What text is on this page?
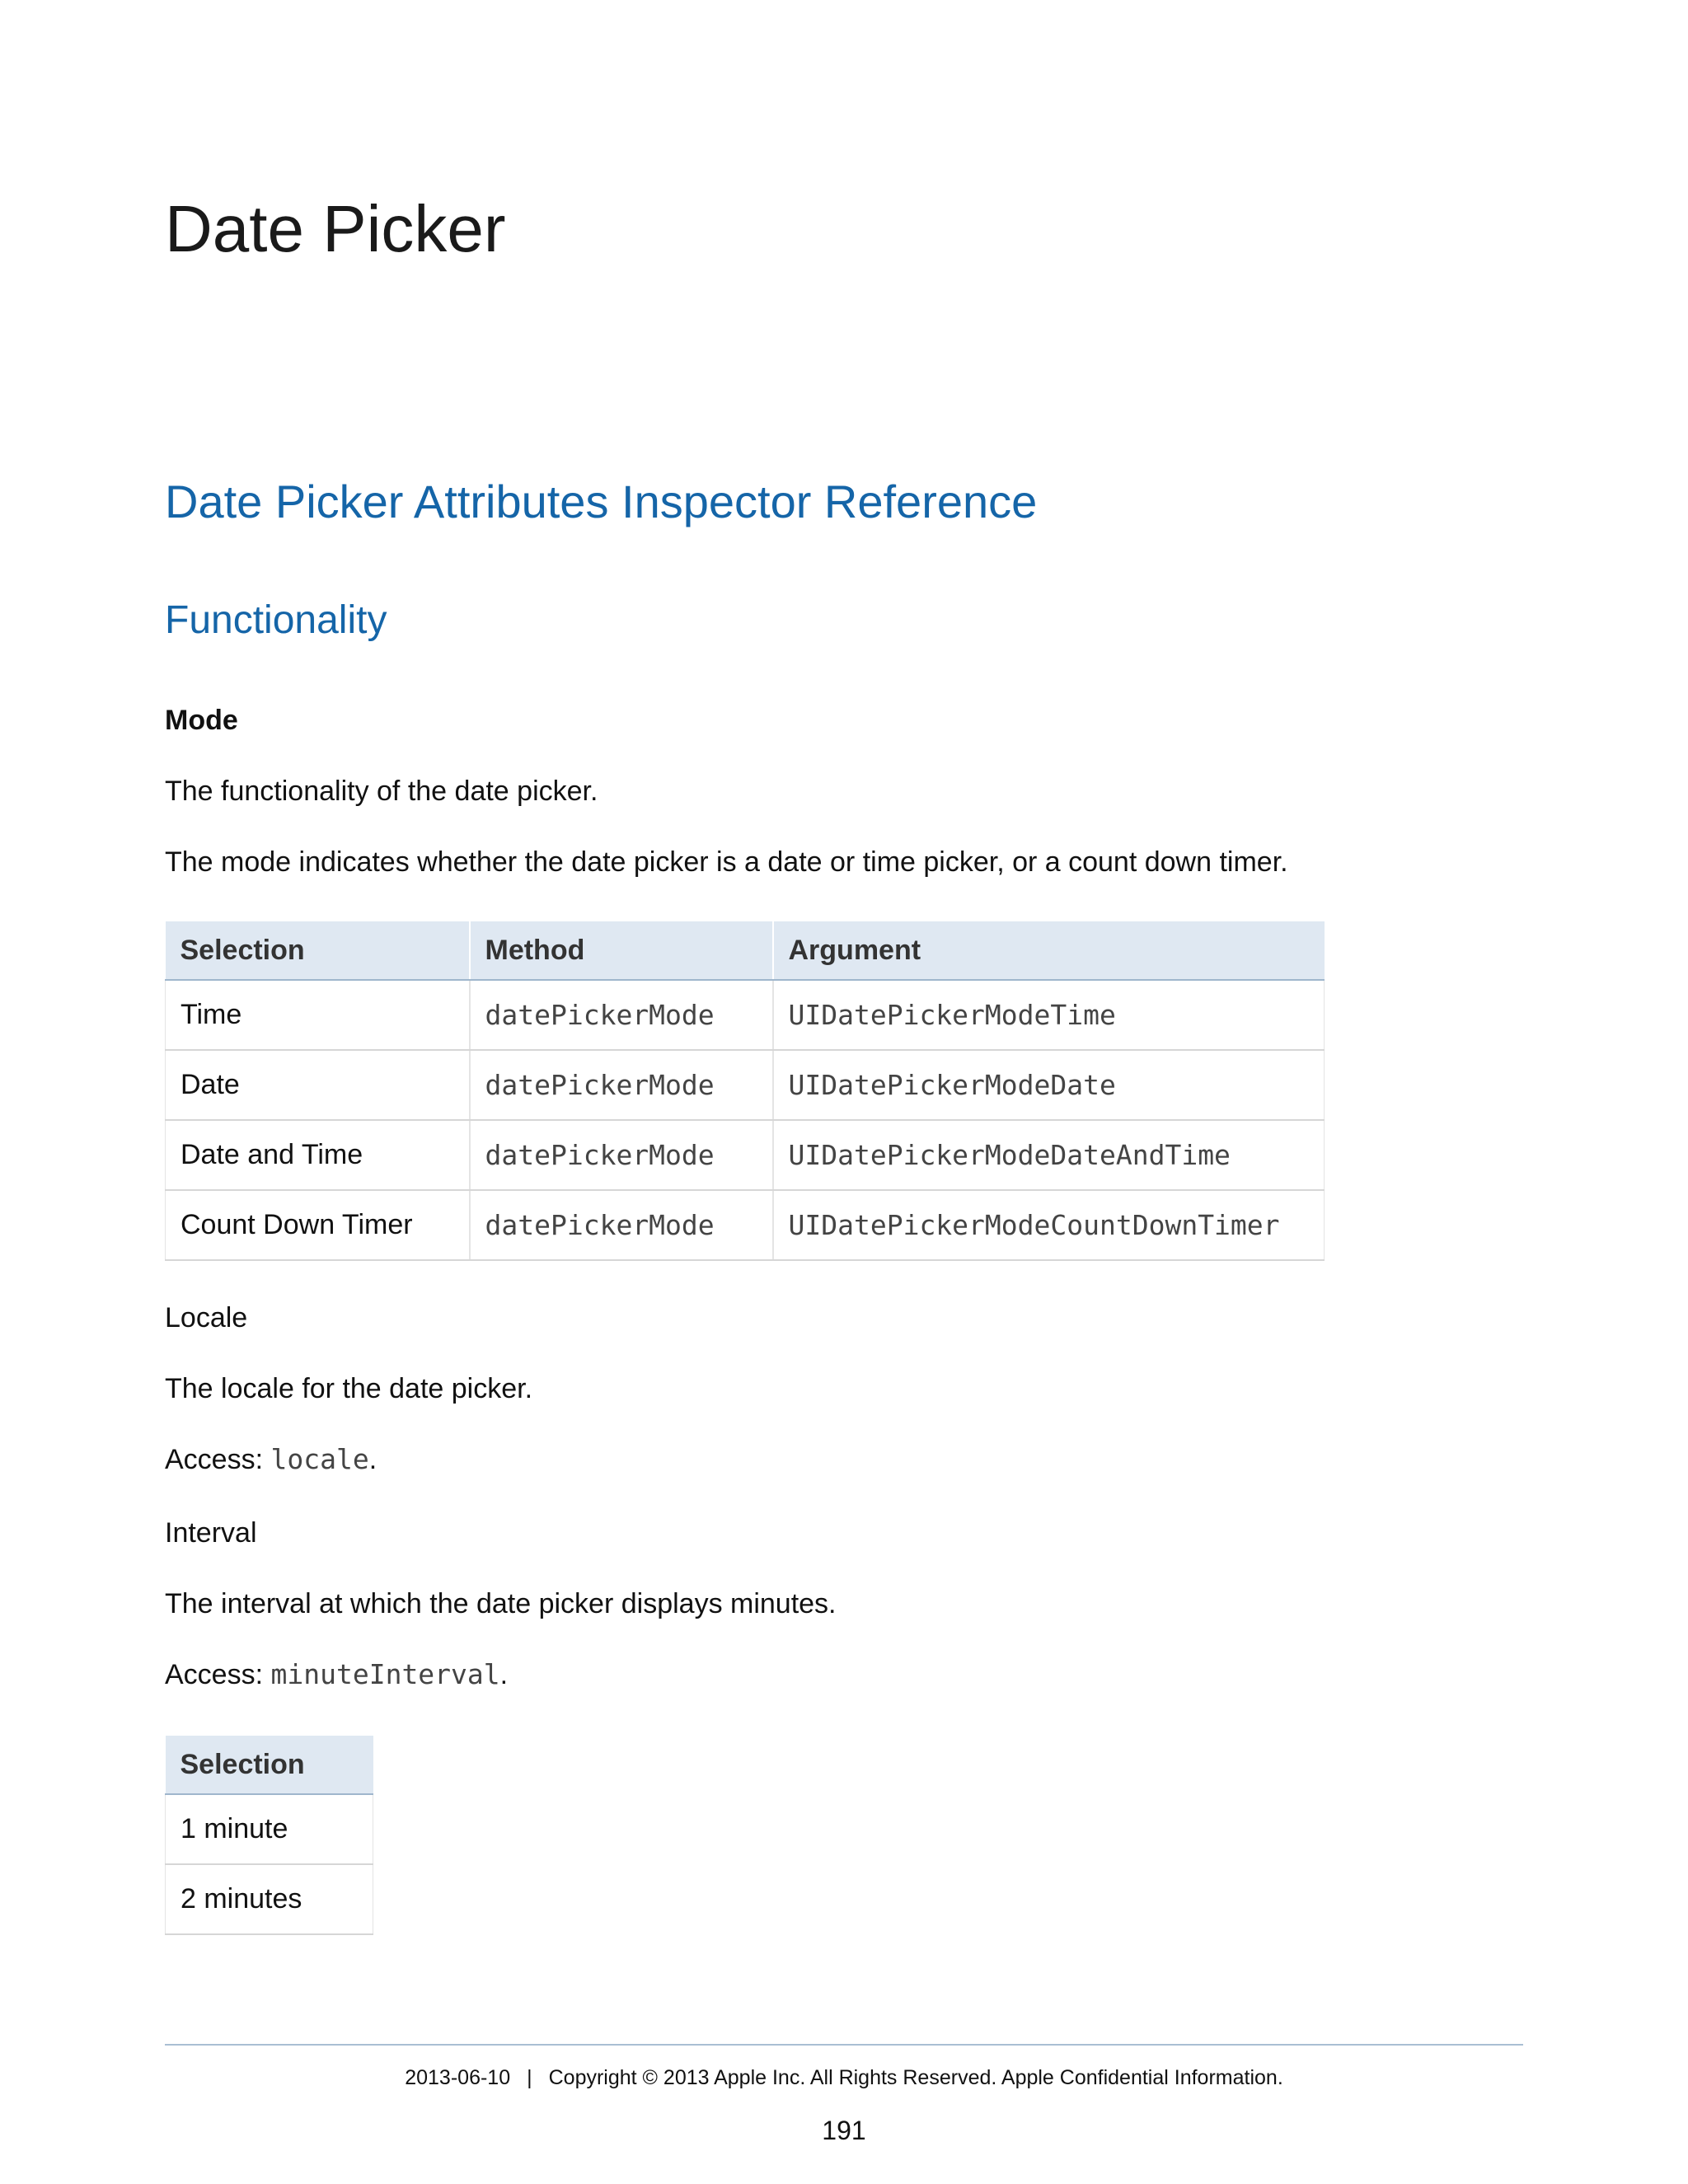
Date Picker
Date Picker Attributes Inspector Reference
Functionality

Mode

The functionality of the date picker.

The mode indicates whether the date picker is a date or time picker, or a count down timer.

Selection	Method	Argument
Time	datePickerMode	UIDatePickerModeTime
Date	datePickerMode	UIDatePickerModeDate
Date and Time	datePickerMode	UIDatePickerModeDateAndTime
Count Down Timer	datePickerMode	UIDatePickerModeCountDownTimer

Locale

The locale for the date picker.

Access: locale.

Interval

The interval at which the date picker displays minutes.

Access: minuteInterval.

Selection
1 minute
2 minutes
2013-06-10 | Copyright © 2013 Apple Inc. All Rights Reserved. Apple Confidential Information.
191
